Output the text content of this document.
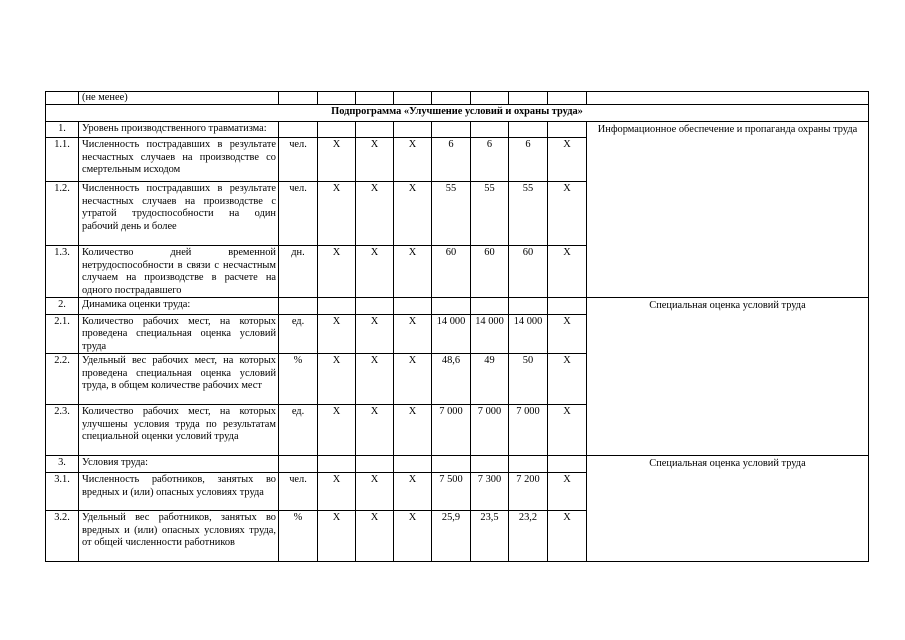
	(не менее)									
Подпрограмма «Улучшение условий и охраны труда»										
1.	Уровень производственного травматизма:									Информационное обеспечение и пропаганда охраны труда
1.1.	Численность пострадавших в результате несчастных случаев на производстве со смертельным исходом	чел.	Х	Х	Х	6	6	6	Х	
1.2.	Численность пострадавших в результате несчастных случаев на производстве с утратой трудоспособности на один рабочий день и более	чел.	Х	Х	Х	55	55	55	Х	
1.3.	Количество дней временной нетрудоспособности в связи с несчастным случаем на производстве в расчете на одного пострадавшего	дн.	Х	Х	Х	60	60	60	Х	
2.	Динамика оценки труда:									Специальная оценка условий труда
2.1.	Количество рабочих мест, на которых проведена специальная оценка условий труда	ед.	Х	Х	Х	14 000	14 000	14 000	Х	
2.2.	Удельный вес рабочих мест, на которых проведена специальная оценка условий труда, в общем количестве рабочих мест	%	Х	Х	Х	48,6	49	50	Х	
2.3.	Количество рабочих мест, на которых улучшены условия труда по результатам специальной оценки условий труда	ед.	Х	Х	Х	7 000	7 000	7 000	Х	
3.	Условия труда:									Специальная оценка условий труда
3.1.	Численность работников, занятых во вредных и (или) опасных условиях труда	чел.	Х	Х	Х	7 500	7 300	7 200	Х	
3.2.	Удельный вес работников, занятых во вредных и (или) опасных условиях труда, от общей численности работников	%	Х	Х	Х	25,9	23,5	23,2	Х	
